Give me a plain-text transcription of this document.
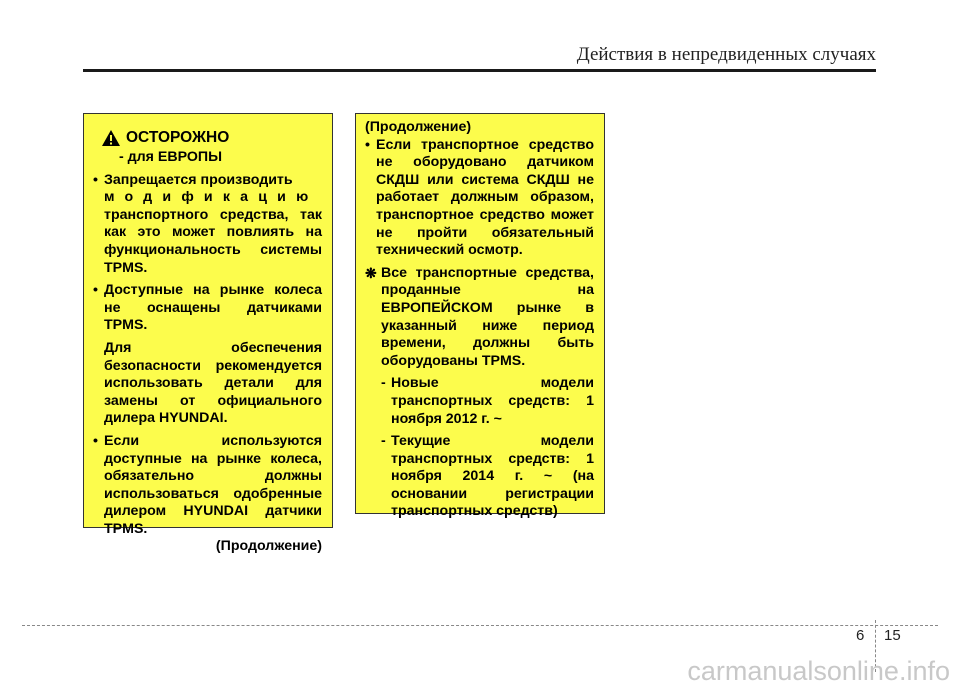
Действия в непредвиденных случаях
ОСТОРОЖНО
- для ЕВРОПЫ
• Запрещается производить
модификацию
транспортного средства, так как это может повлиять на функциональность системы TPMS.
• Доступные на рынке колеса не оснащены датчиками TPMS.
Для обеспечения безопасности рекомендуется использовать детали для замены от официального дилера HYUNDAI.
• Если используются доступные на рынке колеса, обязательно должны использоваться одобренные дилером HYUNDAI датчики TPMS.
(Продолжение)
(Продолжение)
• Если транспортное средство не оборудовано датчиком СКДШ или система СКДШ не работает должным образом, транспортное средство может не пройти обязательный технический осмотр.
❋ Все транспортные средства, проданные на ЕВРОПЕЙСКОМ рынке в указанный ниже период времени, должны быть оборудованы TPMS.
- Новые модели транспортных средств: 1 ноября 2012 г. ~
- Текущие модели транспортных средств: 1 ноября 2014 г. ~ (на основании регистрации транспортных средств)
6 15
carmanualsonline.info
